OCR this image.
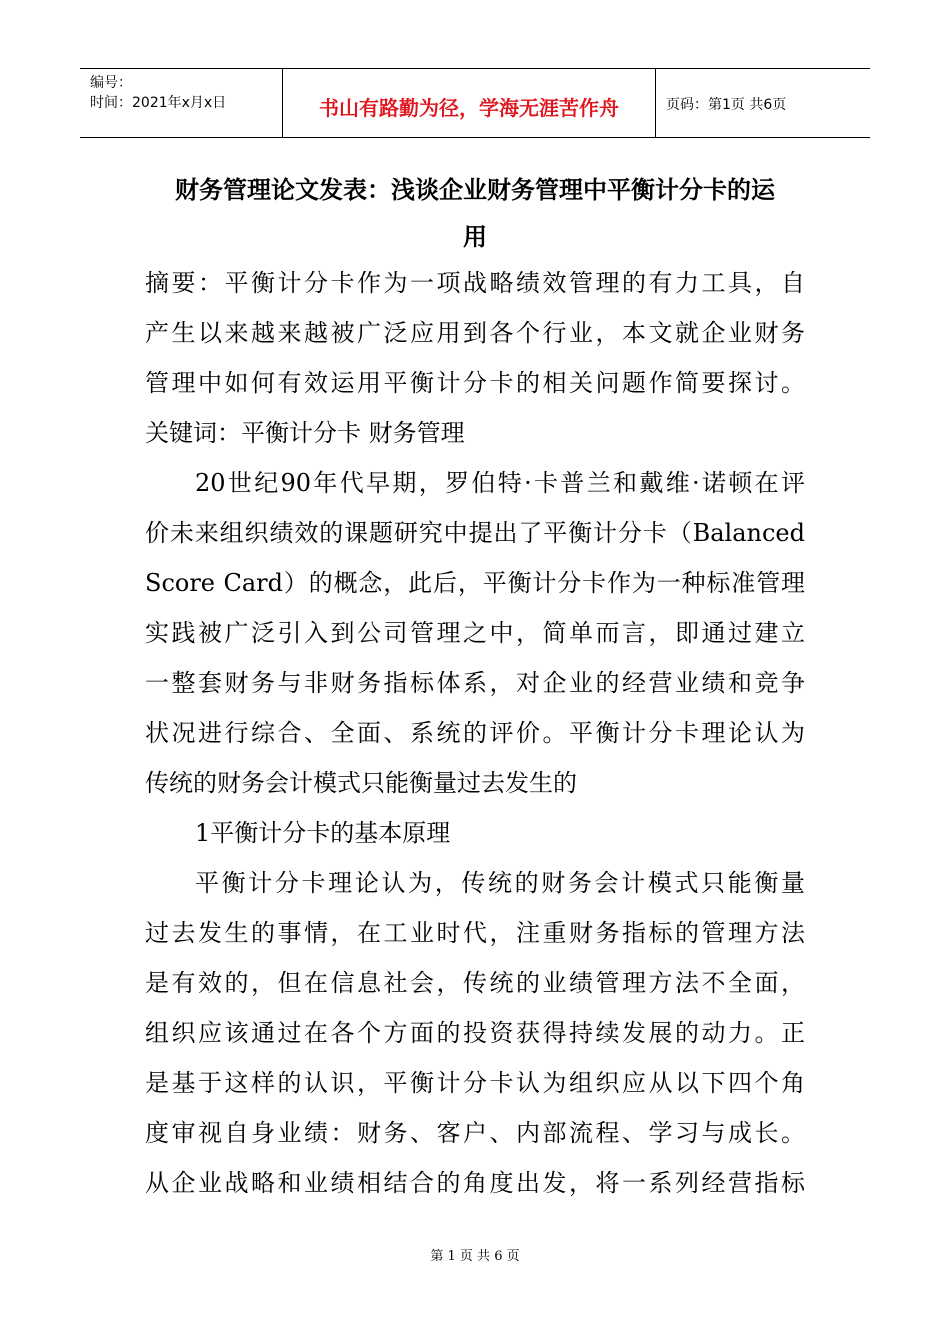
编号：
时间：2021年x月x日	书山有路勤为径，学海无涯苦作舟	页码：第1页 共6页
财务管理论文发表：浅谈企业财务管理中平衡计分卡的运
用
摘要：平衡计分卡作为一项战略绩效管理的有力工具，自
产生以来越来越被广泛应用到各个行业，本文就企业财务
管理中如何有效运用平衡计分卡的相关问题作简要探讨。
关键词：平衡计分卡 财务管理
20世纪90年代早期，罗伯特·卡普兰和戴维·诺顿在评
价未来组织绩效的课题研究中提出了平衡计分卡（Balanced
Score Card）的概念，此后，平衡计分卡作为一种标准管理
实践被广泛引入到公司管理之中，简单而言，即通过建立
一整套财务与非财务指标体系，对企业的经营业绩和竞争
状况进行综合、全面、系统的评价。平衡计分卡理论认为
传统的财务会计模式只能衡量过去发生的
1平衡计分卡的基本原理
平衡计分卡理论认为，传统的财务会计模式只能衡量
过去发生的事情，在工业时代，注重财务指标的管理方法
是有效的，但在信息社会，传统的业绩管理方法不全面，
组织应该通过在各个方面的投资获得持续发展的动力。正
是基于这样的认识，平衡计分卡认为组织应从以下四个角
度审视自身业绩：财务、客户、内部流程、学习与成长。
从企业战略和业绩相结合的角度出发，将一系列经营指标
第 1 页 共 6 页
